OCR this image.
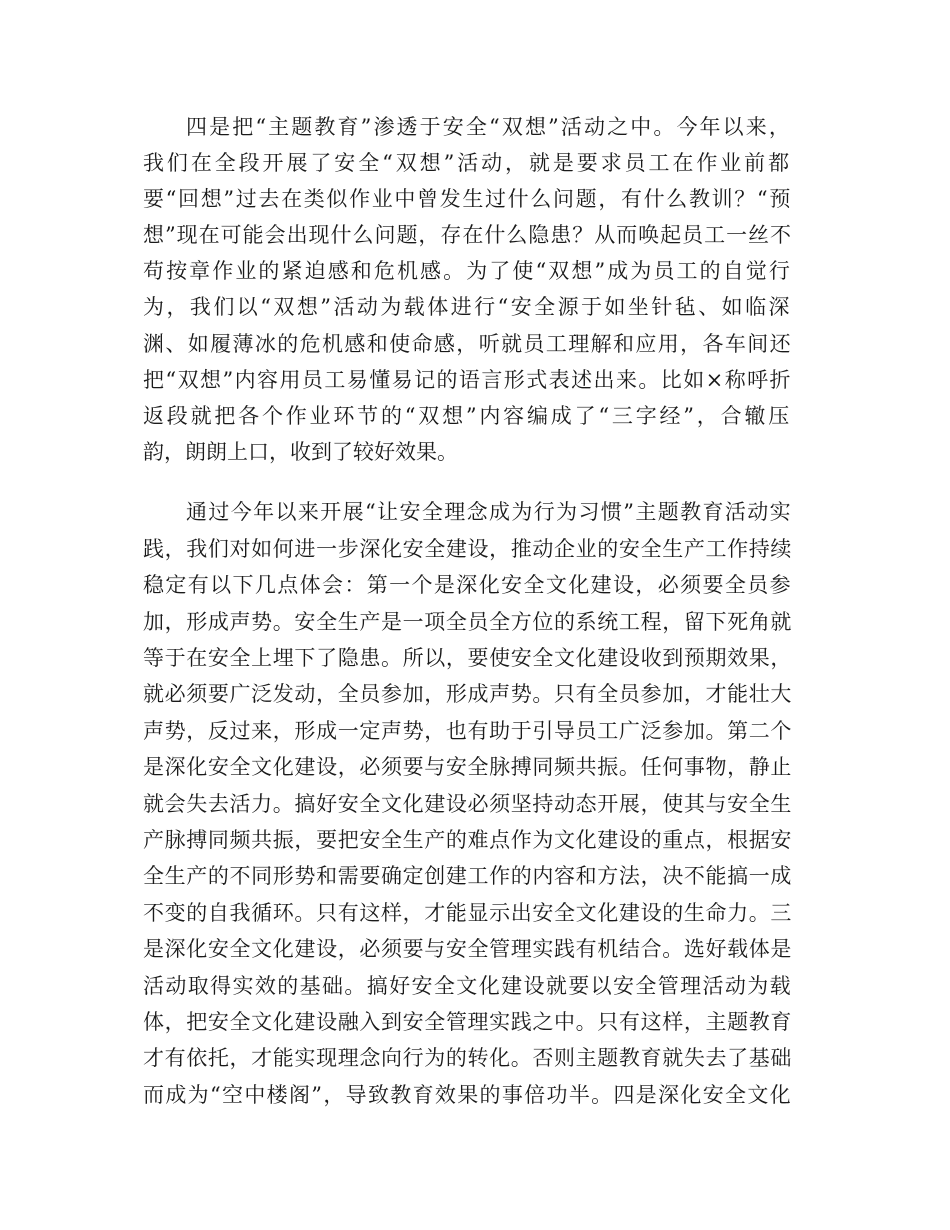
四是把“主题教育”渗透于安全“双想”活动之中。今年以来，
我们在全段开展了安全“双想”活动，就是要求员工在作业前都
要“回想”过去在类似作业中曾发生过什么问题，有什么教训？“预
想”现在可能会出现什么问题，存在什么隐患？从而唤起员工一丝不
苟按章作业的紧迫感和危机感。为了使“双想”成为员工的自觉行
为，我们以“双想”活动为载体进行“安全源于如坐针毡、如临深
渊、如履薄冰的危机感和使命感，听就员工理解和应用，各车间还
把“双想”内容用员工易懂易记的语言形式表述出来。比如×称呼折
返段就把各个作业环节的“双想”内容编成了“三字经”，合辙压
韵，朗朗上口，收到了较好效果。
通过今年以来开展“让安全理念成为行为习惯”主题教育活动实
践，我们对如何进一步深化安全建设，推动企业的安全生产工作持续
稳定有以下几点体会：第一个是深化安全文化建设，必须要全员参
加，形成声势。安全生产是一项全员全方位的系统工程，留下死角就
等于在安全上埋下了隐患。所以，要使安全文化建设收到预期效果，
就必须要广泛发动，全员参加，形成声势。只有全员参加，才能壮大
声势，反过来，形成一定声势，也有助于引导员工广泛参加。第二个
是深化安全文化建设，必须要与安全脉搏同频共振。任何事物，静止
就会失去活力。搞好安全文化建设必须坚持动态开展，使其与安全生
产脉搏同频共振，要把安全生产的难点作为文化建设的重点，根据安
全生产的不同形势和需要确定创建工作的内容和方法，决不能搞一成
不变的自我循环。只有这样，才能显示出安全文化建设的生命力。三
是深化安全文化建设，必须要与安全管理实践有机结合。选好载体是
活动取得实效的基础。搞好安全文化建设就要以安全管理活动为载
体，把安全文化建设融入到安全管理实践之中。只有这样，主题教育
才有依托，才能实现理念向行为的转化。否则主题教育就失去了基础
而成为“空中楼阁”，导致教育效果的事倍功半。四是深化安全文化
